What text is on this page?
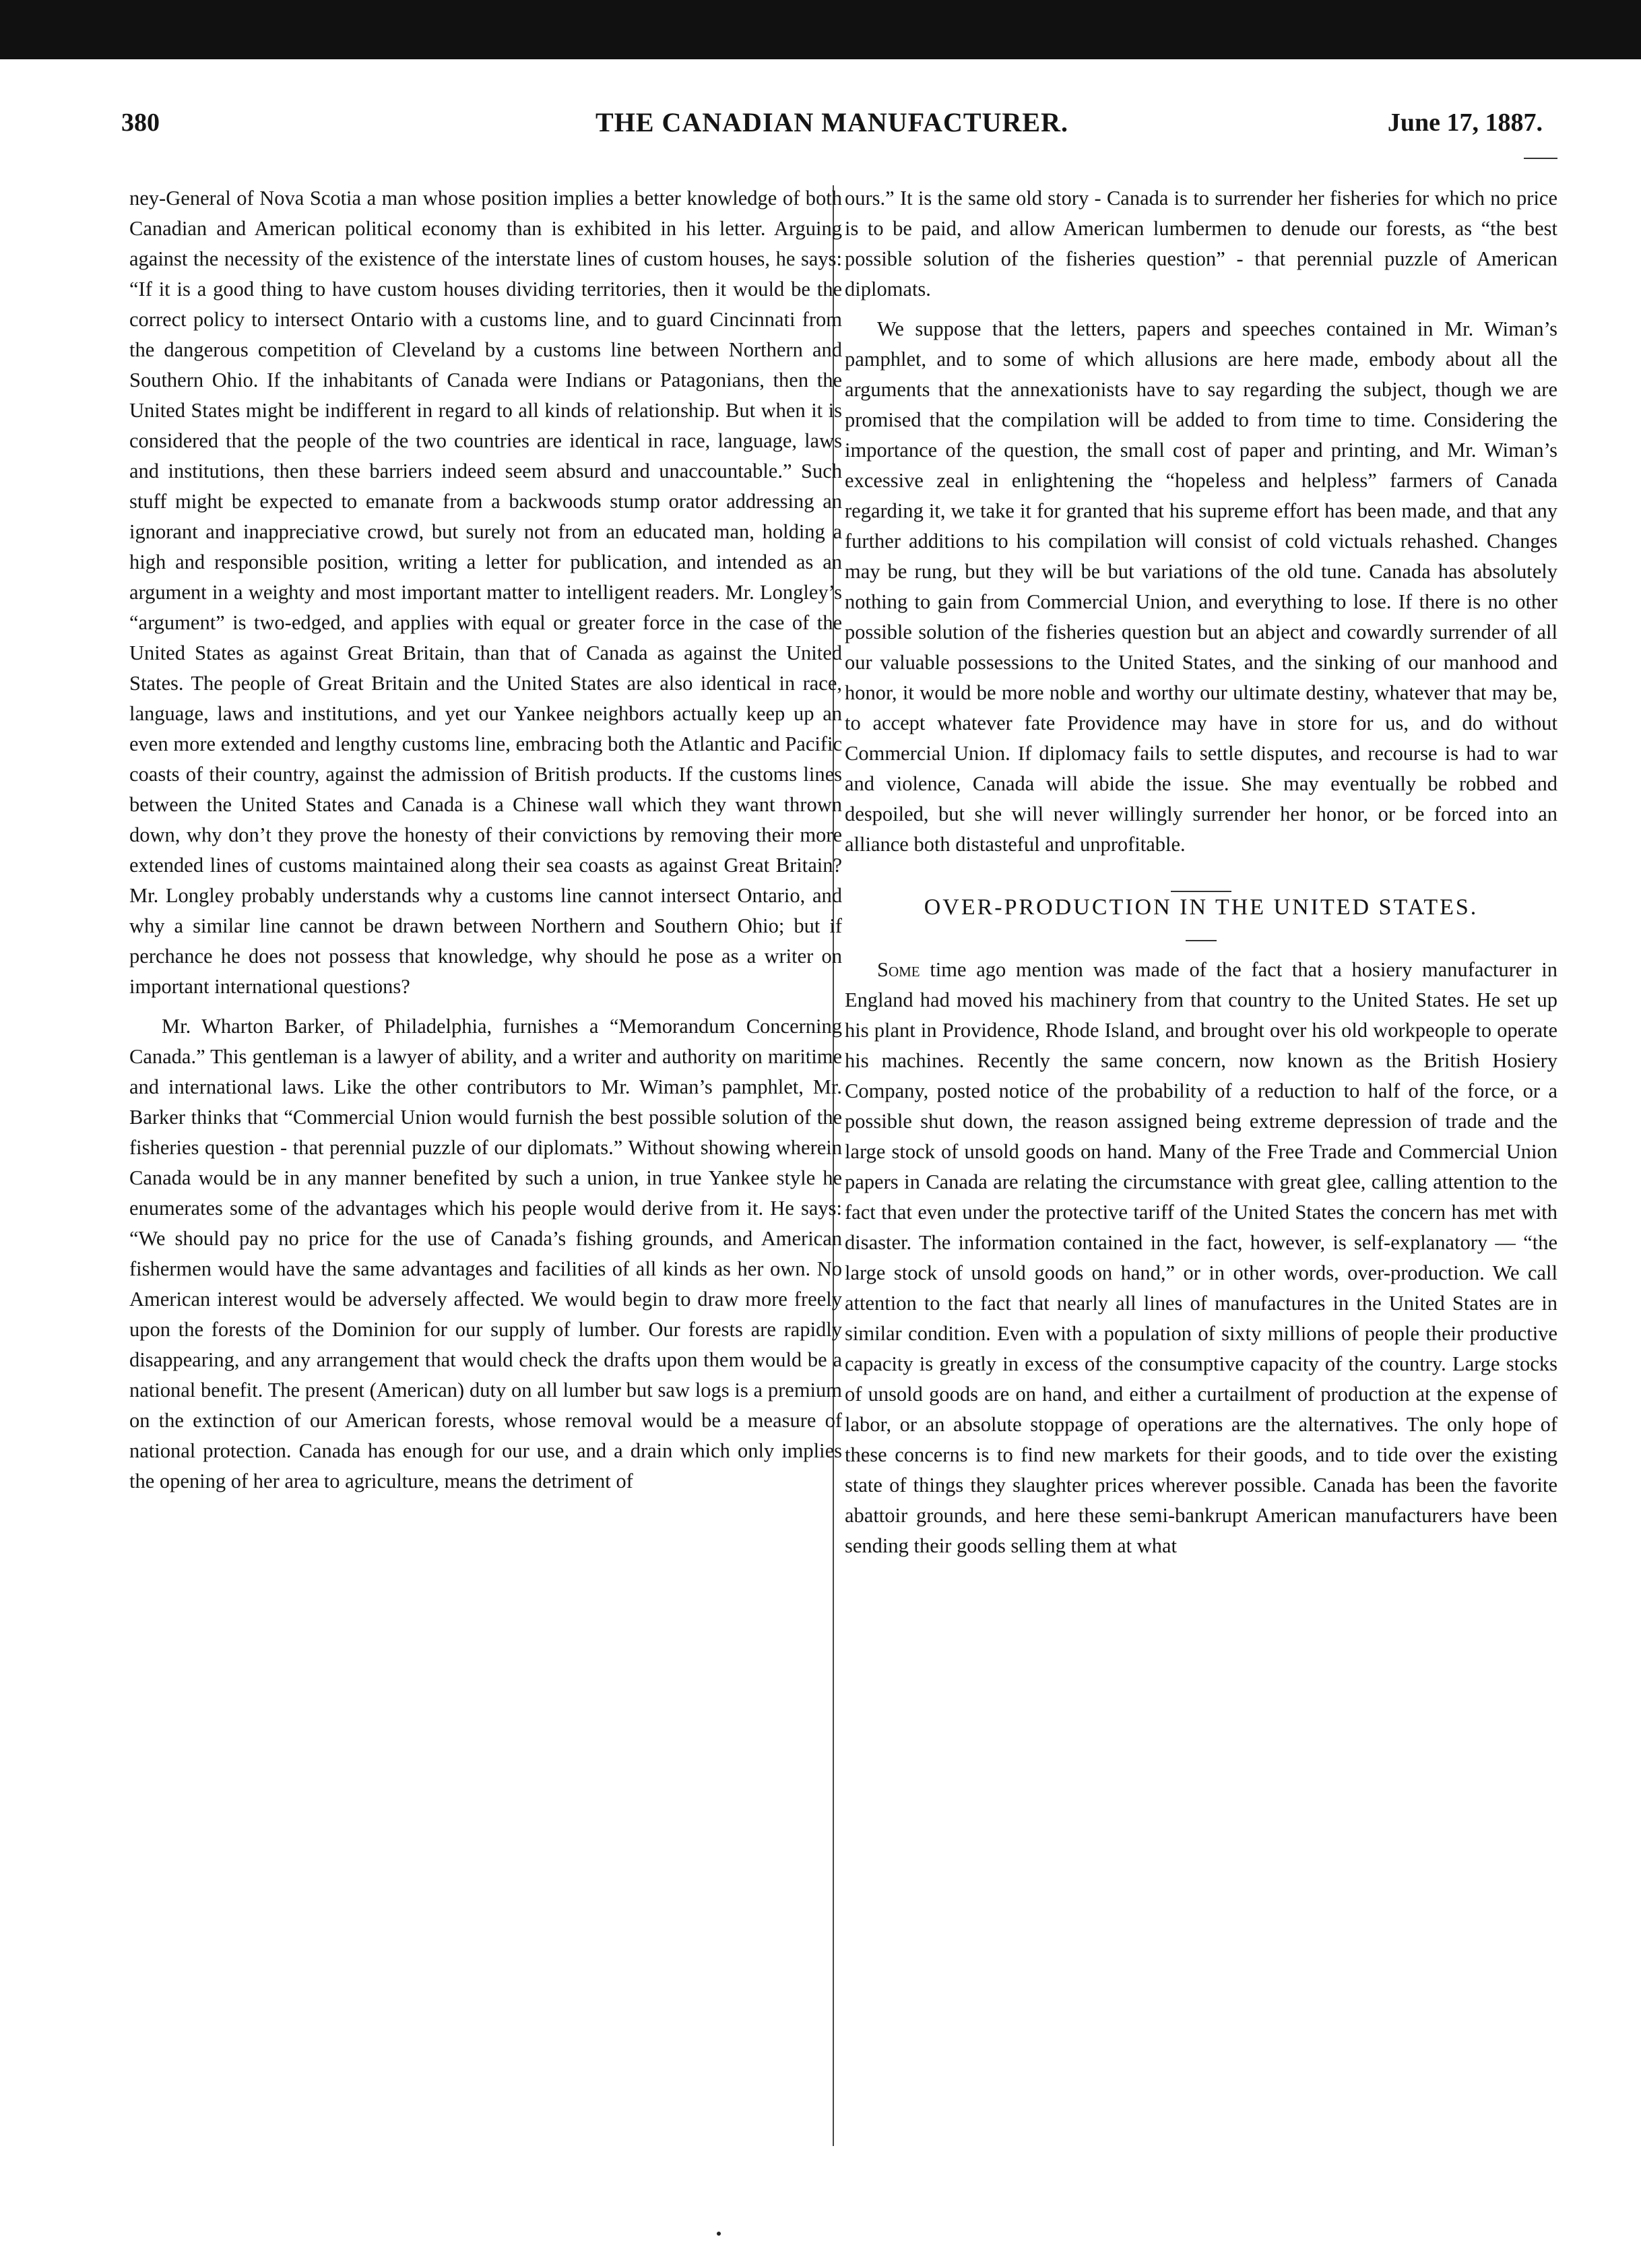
380	THE CANADIAN MANUFACTURER.	June 17, 1887.

ney-General of Nova Scotia a man whose position implies a better knowledge of both Canadian and American political economy than is exhibited in his letter. Arguing against the necessity of the existence of the interstate lines of custom houses, he says: “If it is a good thing to have custom houses dividing territories, then it would be the correct policy to intersect Ontario with a customs line, and to guard Cincinnati from the dangerous competition of Cleveland by a customs line between Northern and Southern Ohio. If the inhabitants of Canada were Indians or Patagonians, then the United States might be indifferent in regard to all kinds of relationship. But when it is considered that the people of the two countries are identical in race, language, laws and institutions, then these barriers indeed seem absurd and unaccountable.” Such stuff might be expected to emanate from a backwoods stump orator addressing an ignorant and inappreciative crowd, but surely not from an educated man, holding a high and responsible position, writing a letter for publication, and intended as an argument in a weighty and most important matter to intelligent readers. Mr. Longley’s “argument” is two-edged, and applies with equal or greater force in the case of the United States as against Great Britain, than that of Canada as against the United States. The people of Great Britain and the United States are also identical in race, language, laws and institutions, and yet our Yankee neighbors actually keep up an even more extended and lengthy customs line, embracing both the Atlantic and Pacific coasts of their country, against the admission of British products. If the customs lines between the United States and Canada is a Chinese wall which they want thrown down, why don’t they prove the honesty of their convictions by removing their more extended lines of customs maintained along their sea coasts as against Great Britain? Mr. Longley probably understands why a customs line cannot intersect Ontario, and why a similar line cannot be drawn between Northern and Southern Ohio; but if perchance he does not possess that knowledge, why should he pose as a writer on important international questions?

Mr. Wharton Barker, of Philadelphia, furnishes a “Memorandum Concerning Canada.” This gentleman is a lawyer of ability, and a writer and authority on maritime and international laws. Like the other contributors to Mr. Wiman’s pamphlet, Mr. Barker thinks that “Commercial Union would furnish the best possible solution of the fisheries question - that perennial puzzle of our diplomats.” Without showing wherein Canada would be in any manner benefited by such a union, in true Yankee style he enumerates some of the advantages which his people would derive from it. He says: “We should pay no price for the use of Canada’s fishing grounds, and American fishermen would have the same advantages and facilities of all kinds as her own. No American interest would be adversely affected. We would begin to draw more freely upon the forests of the Dominion for our supply of lumber. Our forests are rapidly disappearing, and any arrangement that would check the drafts upon them would be a national benefit. The present (American) duty on all lumber but saw logs is a premium on the extinction of our American forests, whose removal would be a measure of national protection. Canada has enough for our use, and a drain which only implies the opening of her area to agriculture, means the detriment of

ours.” It is the same old story - Canada is to surrender her fisheries for which no price is to be paid, and allow American lumbermen to denude our forests, as “the best possible solution of the fisheries question” - that perennial puzzle of American diplomats.

We suppose that the letters, papers and speeches contained in Mr. Wiman’s pamphlet, and to some of which allusions are here made, embody about all the arguments that the annexationists have to say regarding the subject, though we are promised that the compilation will be added to from time to time. Considering the importance of the question, the small cost of paper and printing, and Mr. Wiman’s excessive zeal in enlightening the “hopeless and helpless” farmers of Canada regarding it, we take it for granted that his supreme effort has been made, and that any further additions to his compilation will consist of cold victuals rehashed. Changes may be rung, but they will be but variations of the old tune. Canada has absolutely nothing to gain from Commercial Union, and everything to lose. If there is no other possible solution of the fisheries question but an abject and cowardly surrender of all our valuable possessions to the United States, and the sinking of our manhood and honor, it would be more noble and worthy our ultimate destiny, whatever that may be, to accept whatever fate Providence may have in store for us, and do without Commercial Union. If diplomacy fails to settle disputes, and recourse is had to war and violence, Canada will abide the issue. She may eventually be robbed and despoiled, but she will never willingly surrender her honor, or be forced into an alliance both distasteful and unprofitable.

OVER-PRODUCTION IN THE UNITED STATES.

Some time ago mention was made of the fact that a hosiery manufacturer in England had moved his machinery from that country to the United States. He set up his plant in Providence, Rhode Island, and brought over his old workpeople to operate his machines. Recently the same concern, now known as the British Hosiery Company, posted notice of the probability of a reduction to half of the force, or a possible shut down, the reason assigned being extreme depression of trade and the large stock of unsold goods on hand. Many of the Free Trade and Commercial Union papers in Canada are relating the circumstance with great glee, calling attention to the fact that even under the protective tariff of the United States the concern has met with disaster. The information contained in the fact, however, is self-explanatory — “the large stock of unsold goods on hand,” or in other words, over-production. We call attention to the fact that nearly all lines of manufactures in the United States are in similar condition. Even with a population of sixty millions of people their productive capacity is greatly in excess of the consumptive capacity of the country. Large stocks of unsold goods are on hand, and either a curtailment of production at the expense of labor, or an absolute stoppage of operations are the alternatives. The only hope of these concerns is to find new markets for their goods, and to tide over the existing state of things they slaughter prices wherever possible. Canada has been the favorite abattoir grounds, and here these semi-bankrupt American manufacturers have been sending their goods selling them at what
